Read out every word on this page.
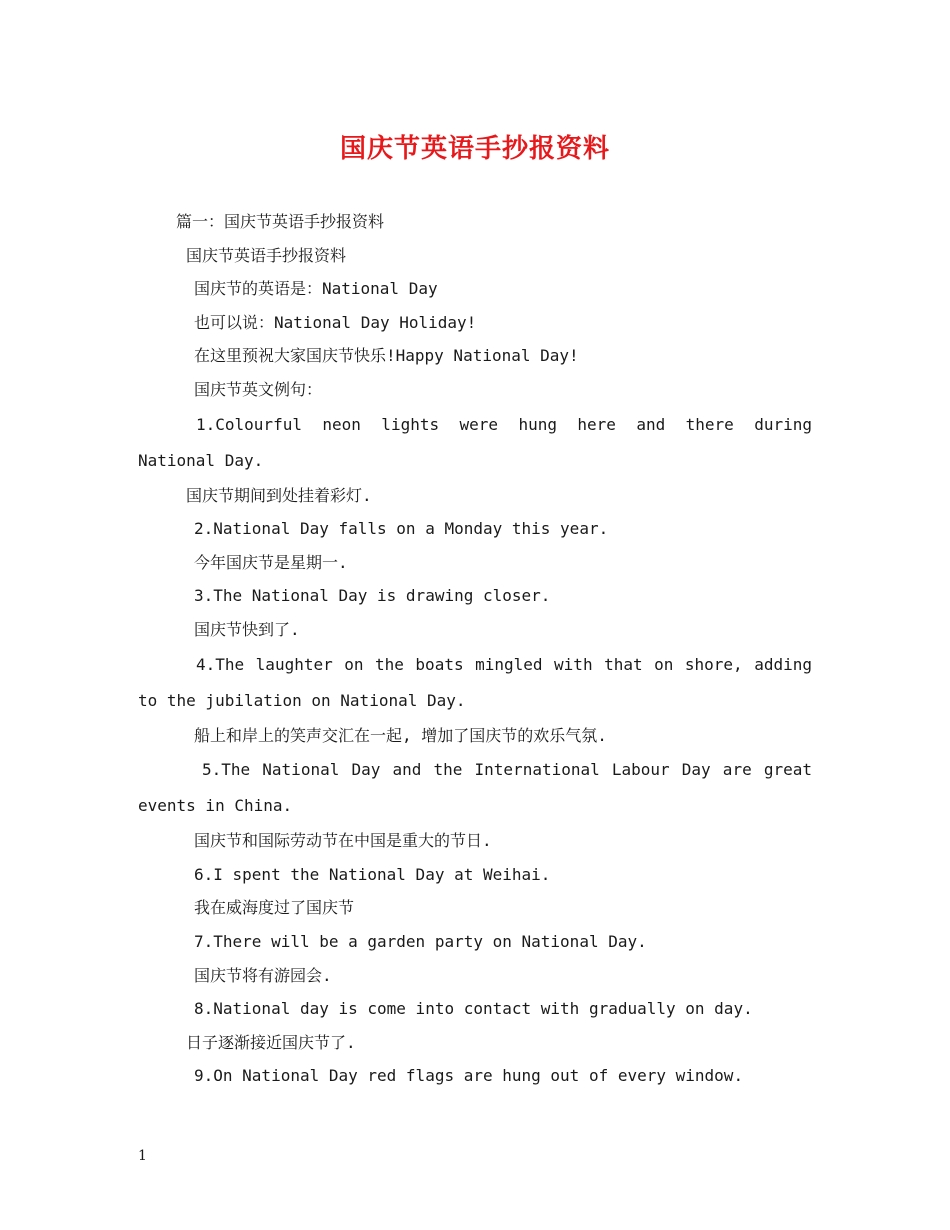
国庆节英语手抄报资料
篇一：国庆节英语手抄报资料
国庆节英语手抄报资料
国庆节的英语是：National Day
也可以说：National Day Holiday!
在这里预祝大家国庆节快乐!Happy National Day!
国庆节英文例句：
1.Colourful neon lights were hung here and there during National Day.
国庆节期间到处挂着彩灯.
2.National Day falls on a Monday this year.
今年国庆节是星期一.
3.The National Day is drawing closer.
国庆节快到了.
4.The laughter on the boats mingled with that on shore, adding to the jubilation on National Day.
船上和岸上的笑声交汇在一起, 增加了国庆节的欢乐气氛.
5.The National Day and the International Labour Day are great events in China.
国庆节和国际劳动节在中国是重大的节日.
6.I spent the National Day at Weihai.
我在威海度过了国庆节
7.There will be a garden party on National Day.
国庆节将有游园会.
8.National day is come into contact with gradually on day.
日子逐渐接近国庆节了.
9.On National Day red flags are hung out of every window.
1
